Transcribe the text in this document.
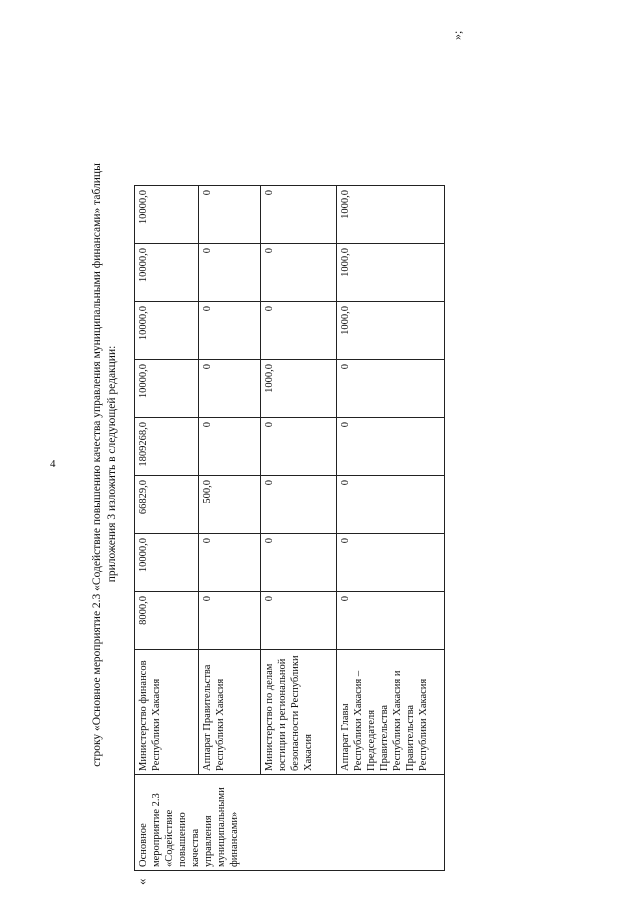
4	строку «Основное мероприятие 2.3 «Содействие повышению качества управления муниципальными финансами» таблицы приложения 3 изложить в следующей редакции:

«
Основное мероприятие 2.3 «Содействие повышению качества управления муниципальными финансами»	Министерство финансов Республики Хакасия	8000,0	10000,0	66829,0	1809268,0	10000,0	10000,0	10000,0	10000,0
	Аппарат Правительства Республики Хакасия	0	0	500,0	0	0	0	0	0
	Министерство по делам юстиции и региональной безопасности Республики Хакасия	0	0	0	0	1000,0	0	0	0
	Аппарат Главы Республики Хакасия – Председателя Правительства Республики Хакасия и Правительства Республики Хакасия	0	0	0	0	0	1000,0	1000,0	1000,0
»;
